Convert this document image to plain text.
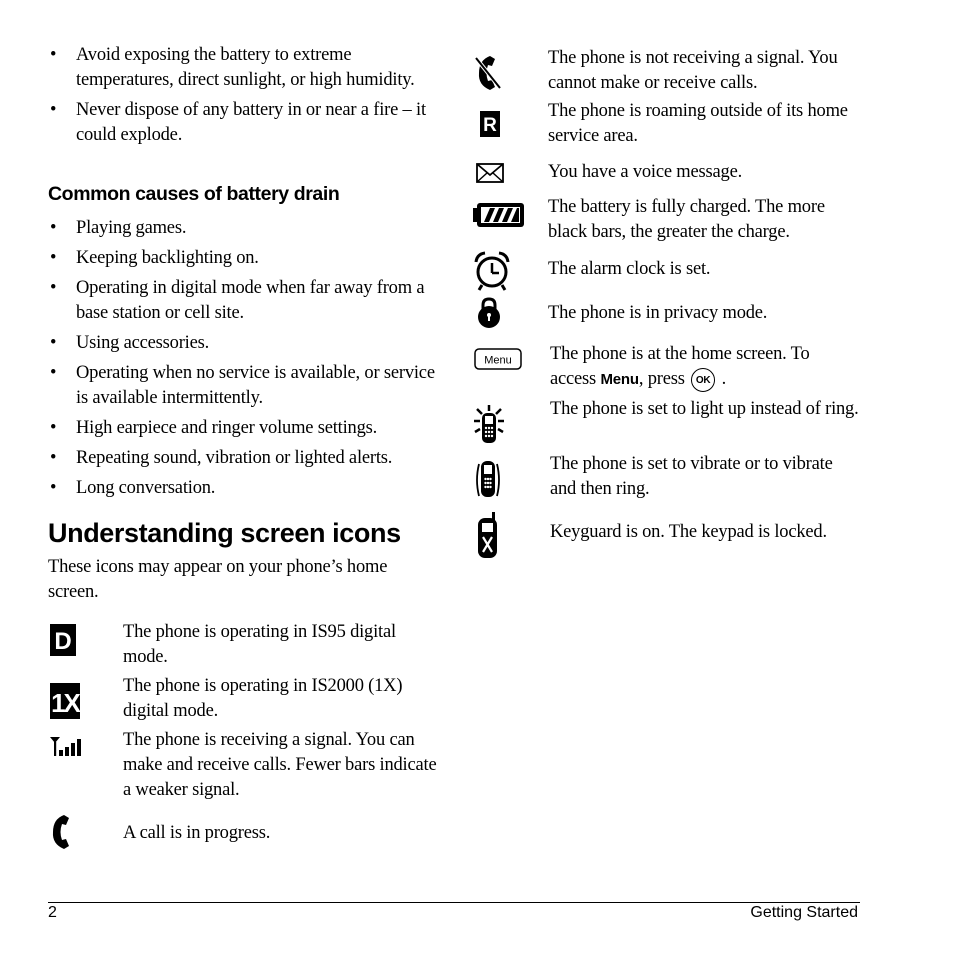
• Avoid exposing the battery to extreme temperatures, direct sunlight, or high humidity.
• Never dispose of any battery in or near a fire – it could explode.
Common causes of battery drain
• Playing games.
• Keeping backlighting on.
• Operating in digital mode when far away from a base station or cell site.
• Using accessories.
• Operating when no service is available, or service is available intermittently.
• High earpiece and ringer volume settings.
• Repeating sound, vibration or lighted alerts.
• Long conversation.
Understanding screen icons
These icons may appear on your phone’s home screen.
D	The phone is operating in IS95 digital mode.
1X
The phone is operating in IS2000 (1X) digital mode.
The phone is receiving a signal. You can make and receive calls. Fewer bars indicate a weaker signal.
A call is in progress.
The phone is not receiving a signal. You cannot make or receive calls.
R
The phone is roaming outside of its home service area.
You have a voice message.
The battery is fully charged. The more black bars, the greater the charge.
The alarm clock is set.
The phone is in privacy mode.
Menu The phone is at the home screen. To access Menu, press OK .
The phone is set to light up instead of ring.
The phone is set to vibrate or to vibrate and then ring.
Keyguard is on. The keypad is locked.
2	Getting Started
